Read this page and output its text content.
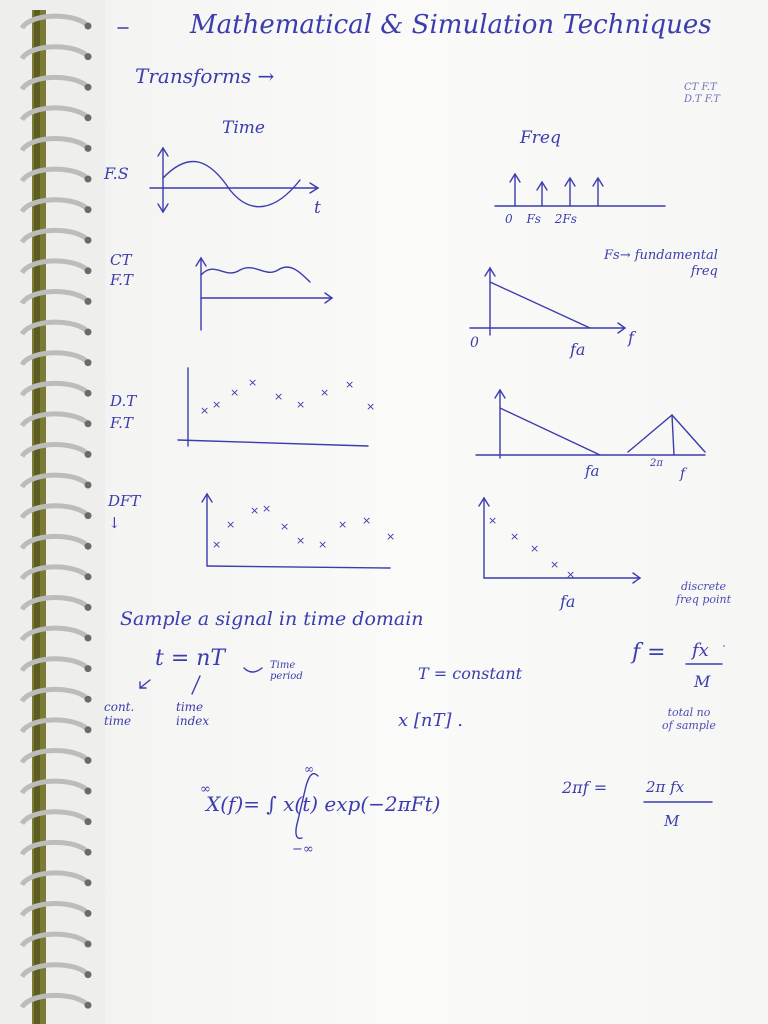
× ×
×
×
×
×
×
×
×
×
×
× ×
×
× ×
× ×
×
×
×
×
×
×
Mathematical & Simulation Techniques
Transforms →	CT F.T
D.T F.T
Time	Freq
F.S
t
0 Fs 2Fs
CT
F.T
Fs→ fundamental
freq
0	fa
f
D.T
F.T
fa	2π
f
DFT
↓
fa
discrete
freq point
Sample a signal in time domain
t = nT	Time
period	T = constant
f = fx
M
cont.
time
time
index	x [nT] .	total no
of sample
∞
∞
X(f)= ∫ x(t) exp(−2πFt)
−∞
2πf =	2π fx
M
